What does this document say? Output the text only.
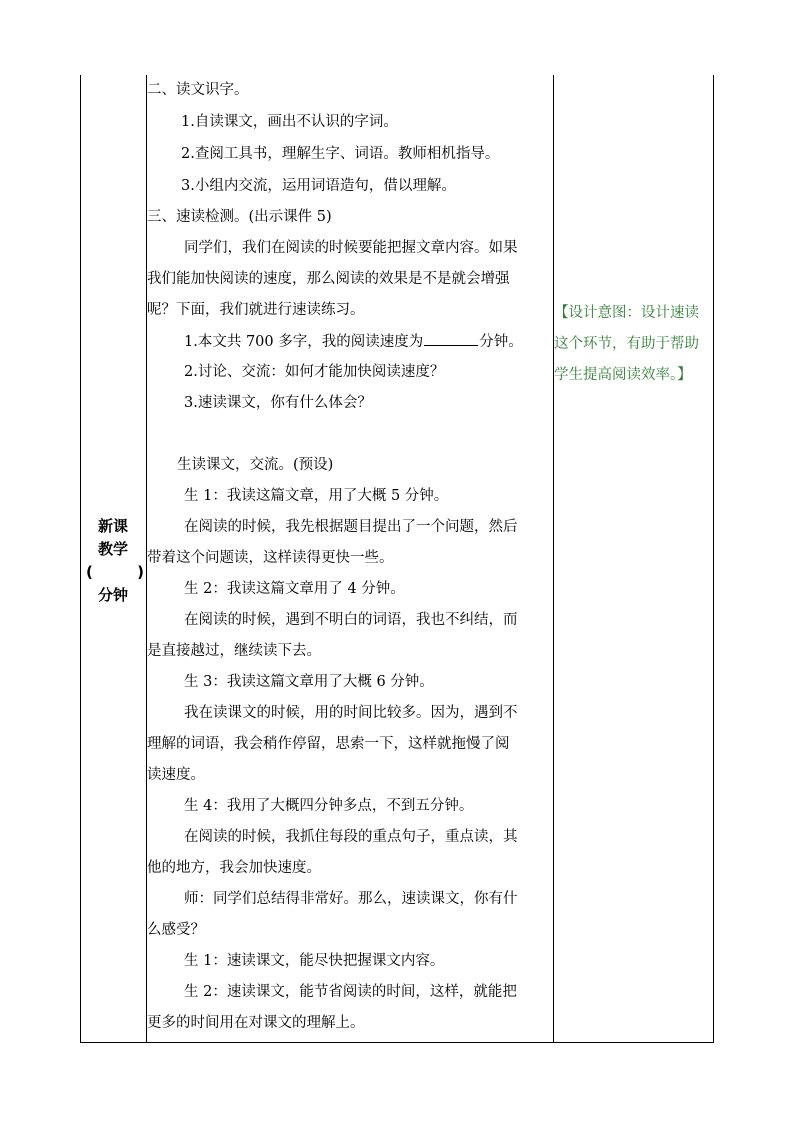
新课
教学
(	)
分钟
二、读文识字。
1.自读课文，画出不认识的字词。
2.查阅工具书，理解生字、词语。教师相机指导。
3.小组内交流，运用词语造句，借以理解。
三、速读检测。(出示课件 5)
同学们，我们在阅读的时候要能把握文章内容。如果
我们能加快阅读的速度，那么阅读的效果是不是就会增强
呢？下面，我们就进行速读练习。
1.本文共 700 多字，我的阅读速度为	分钟。
2.讨论、交流：如何才能加快阅读速度？
3.速读课文，你有什么体会？
生读课文，交流。(预设)
生 1：我读这篇文章，用了大概 5 分钟。
在阅读的时候，我先根据题目提出了一个问题，然后
带着这个问题读，这样读得更快一些。
生 2：我读这篇文章用了 4 分钟。
在阅读的时候，遇到不明白的词语，我也不纠结，而
是直接越过，继续读下去。
生 3：我读这篇文章用了大概 6 分钟。
我在读课文的时候，用的时间比较多。因为，遇到不
理解的词语，我会稍作停留，思索一下，这样就拖慢了阅
读速度。
生 4：我用了大概四分钟多点，不到五分钟。
在阅读的时候，我抓住每段的重点句子，重点读，其
他的地方，我会加快速度。
师：同学们总结得非常好。那么，速读课文，你有什
么感受？
生 1：速读课文，能尽快把握课文内容。
生 2：速读课文，能节省阅读的时间，这样，就能把
更多的时间用在对课文的理解上。
【设计意图：设计速读
这个环节，有助于帮助
学生提高阅读效率。】
